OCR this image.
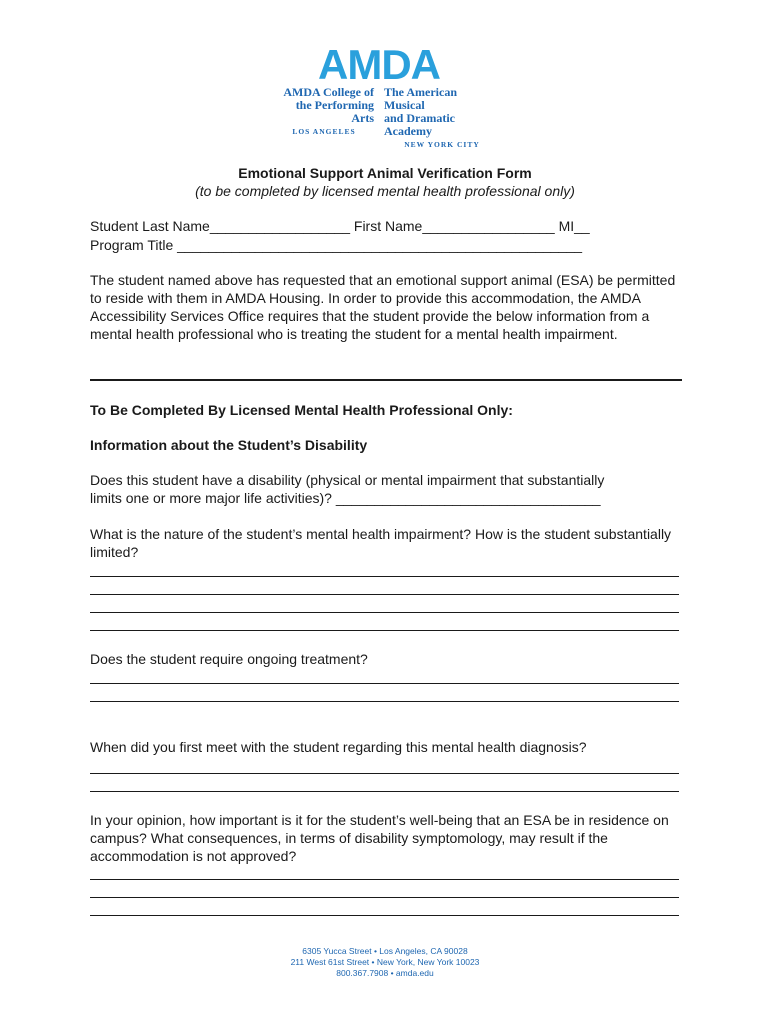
AMDA
AMDA College of
the Performing Arts
LOS ANGELES
The American Musical
and Dramatic Academy
NEW YORK CITY
Emotional Support Animal Verification Form
(to be completed by licensed mental health professional only)
Student Last Name__________________ First Name_________________ MI__
Program Title ____________________________________________________
The student named above has requested that an emotional support animal (ESA) be permitted to reside with them in AMDA Housing. In order to provide this accommodation, the AMDA Accessibility Services Office requires that the student provide the below information from a mental health professional who is treating the student for a mental health impairment.
To Be Completed By Licensed Mental Health Professional Only:
Information about the Student’s Disability
Does this student have a disability (physical or mental impairment that substantially
limits one or more major life activities)? __________________________________
What is the nature of the student’s mental health impairment? How is the student substantially limited?
Does the student require ongoing treatment?
When did you first meet with the student regarding this mental health diagnosis?
In your opinion, how important is it for the student’s well-being that an ESA be in residence on campus? What consequences, in terms of disability symptomology, may result if the accommodation is not approved?
6305 Yucca Street • Los Angeles, CA 90028
211 West 61st Street • New York, New York 10023
800.367.7908 • amda.edu
